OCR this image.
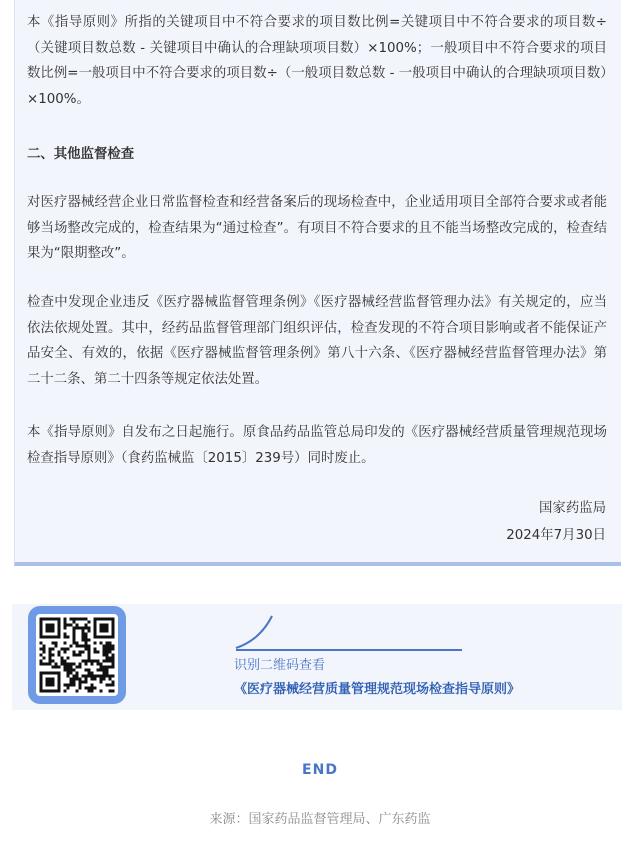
本《指导原则》所指的关键项目中不符合要求的项目数比例=关键项目中不符合要求的项目数÷（关键项目数总数 - 关键项目中确认的合理缺项项目数）×100%；一般项目中不符合要求的项目数比例=一般项目中不符合要求的项目数÷（一般项目数总数 - 一般项目中确认的合理缺项项目数）×100%。

二、其他监督检查

对医疗器械经营企业日常监督检查和经营备案后的现场检查中，企业适用项目全部符合要求或者能够当场整改完成的，检查结果为“通过检查”。有项目不符合要求的且不能当场整改完成的，检查结果为“限期整改”。

检查中发现企业违反《医疗器械监督管理条例》《医疗器械经营监督管理办法》有关规定的，应当依法依规处置。其中，经药品监督管理部门组织评估，检查发现的不符合项目影响或者不能保证产品安全、有效的，依据《医疗器械监督管理条例》第八十六条、《医疗器械经营监督管理办法》第二十二条、第二十四条等规定依法处置。

本《指导原则》自发布之日起施行。原食品药品监管总局印发的《医疗器械经营质量管理规范现场检查指导原则》（食药监械监〔2015〕239号）同时废止。

国家药监局
2024年7月30日
识别二维码查看 《医疗器械经营质量管理规范现场检查指导原则》
END
来源：国家药品监督管理局、广东药监
